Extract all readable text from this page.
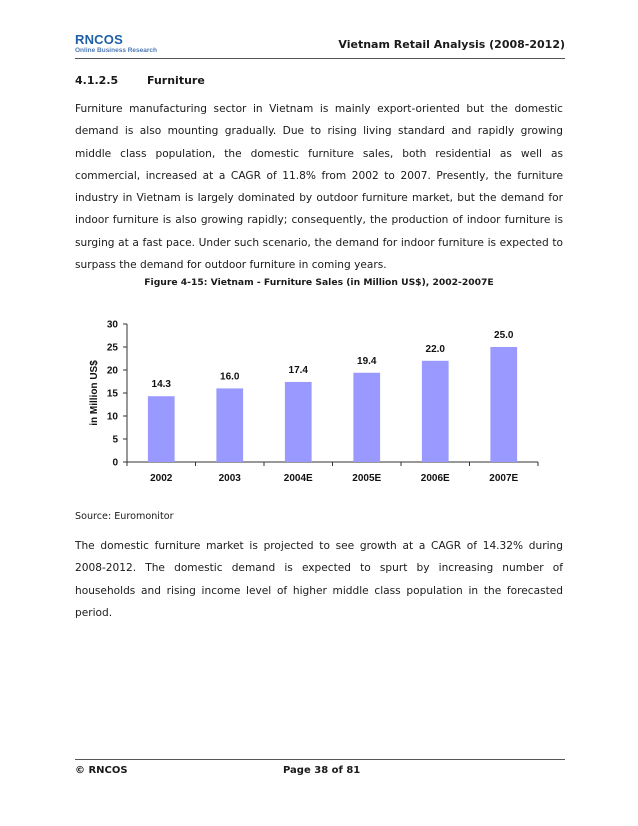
RNCOS
Online Business Research	Vietnam Retail Analysis (2008-2012)
4.1.2.5	Furniture

Furniture manufacturing sector in Vietnam is mainly export-oriented but the domestic demand is also mounting gradually. Due to rising living standard and rapidly growing middle class population, the domestic furniture sales, both residential as well as commercial, increased at a CAGR of 11.8% from 2002 to 2007. Presently, the furniture industry in Vietnam is largely dominated by outdoor furniture market, but the demand for indoor furniture is also growing rapidly; consequently, the production of indoor furniture is surging at a fast pace. Under such scenario, the demand for indoor furniture is expected to surpass the demand for outdoor furniture in coming years.

Figure 4-15: Vietnam - Furniture Sales (in Million US$), 2002-2007E
0
5
10
15
20
25
30
in Million US$	14.3
2002
16.0
2003
17.4
2004E
19.4
2005E
22.0
2006E
25.0
2007E
Source: Euromonitor

The domestic furniture market is projected to see growth at a CAGR of 14.32% during 2008-2012. The domestic demand is expected to spurt by increasing number of households and rising income level of higher middle class population in the forecasted period.

© RNCOS	Page 38 of 81
